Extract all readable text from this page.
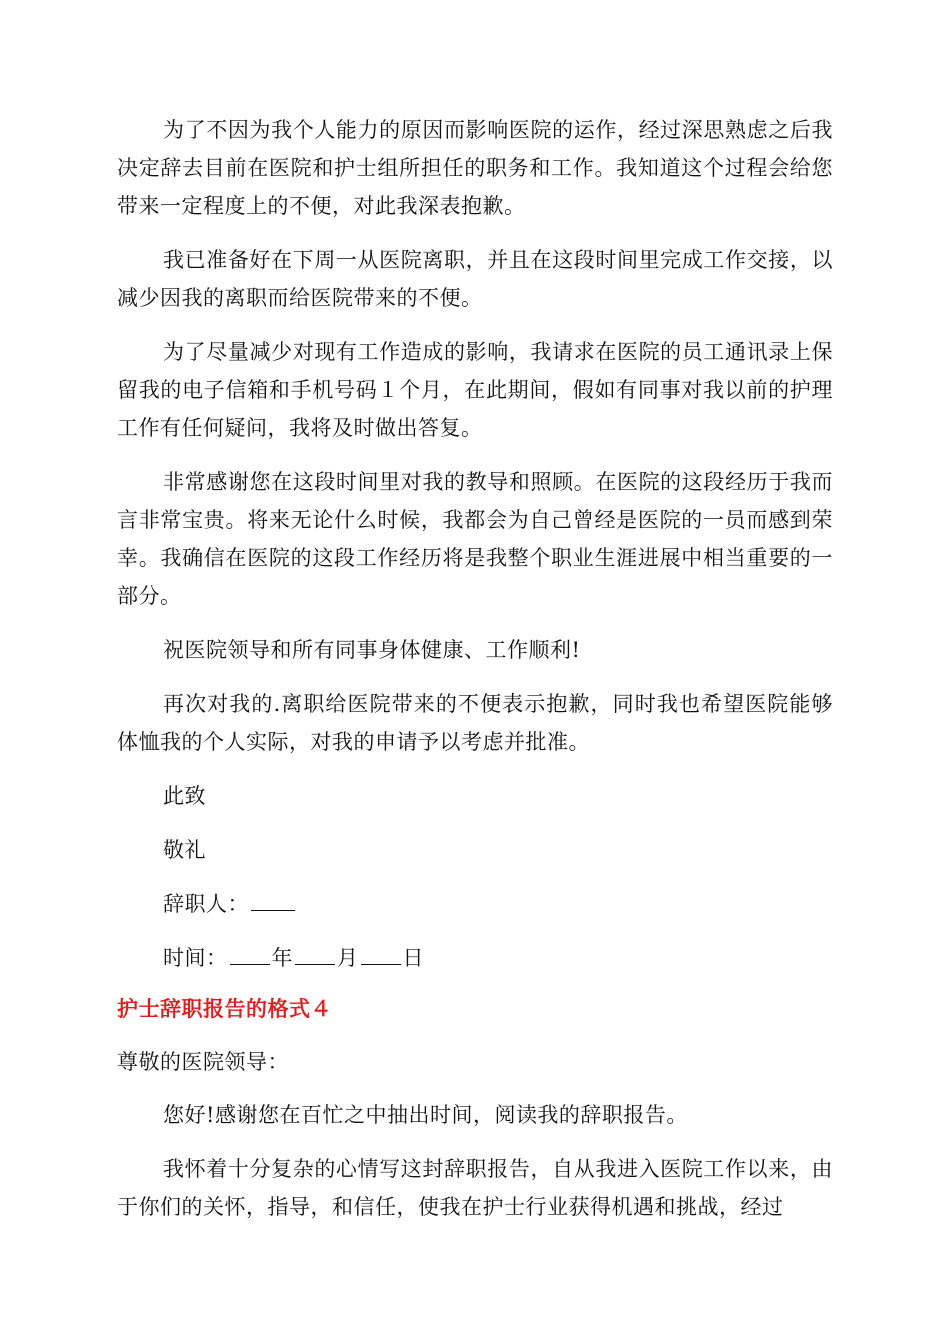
为了不因为我个人能力的原因而影响医院的运作，经过深思熟虑之后我决定辞去目前在医院和护士组所担任的职务和工作。我知道这个过程会给您带来一定程度上的不便，对此我深表抱歉。

我已准备好在下周一从医院离职，并且在这段时间里完成工作交接，以减少因我的离职而给医院带来的不便。

为了尽量减少对现有工作造成的影响，我请求在医院的员工通讯录上保留我的电子信箱和手机号码１个月，在此期间，假如有同事对我以前的护理工作有任何疑问，我将及时做出答复。

非常感谢您在这段时间里对我的教导和照顾。在医院的这段经历于我而言非常宝贵。将来无论什么时候，我都会为自己曾经是医院的一员而感到荣幸。我确信在医院的这段工作经历将是我整个职业生涯进展中相当重要的一部分。

祝医院领导和所有同事身体健康、工作顺利!

再次对我的.离职给医院带来的不便表示抱歉，同时我也希望医院能够体恤我的个人实际，对我的申请予以考虑并批准。

此致

敬礼

辞职人：

时间： 年 月 日

护士辞职报告的格式４

尊敬的医院领导：

您好!感谢您在百忙之中抽出时间，阅读我的辞职报告。

我怀着十分复杂的心情写这封辞职报告，自从我进入医院工作以来，由于你们的关怀，指导，和信任，使我在护士行业获得机遇和挑战，经过
